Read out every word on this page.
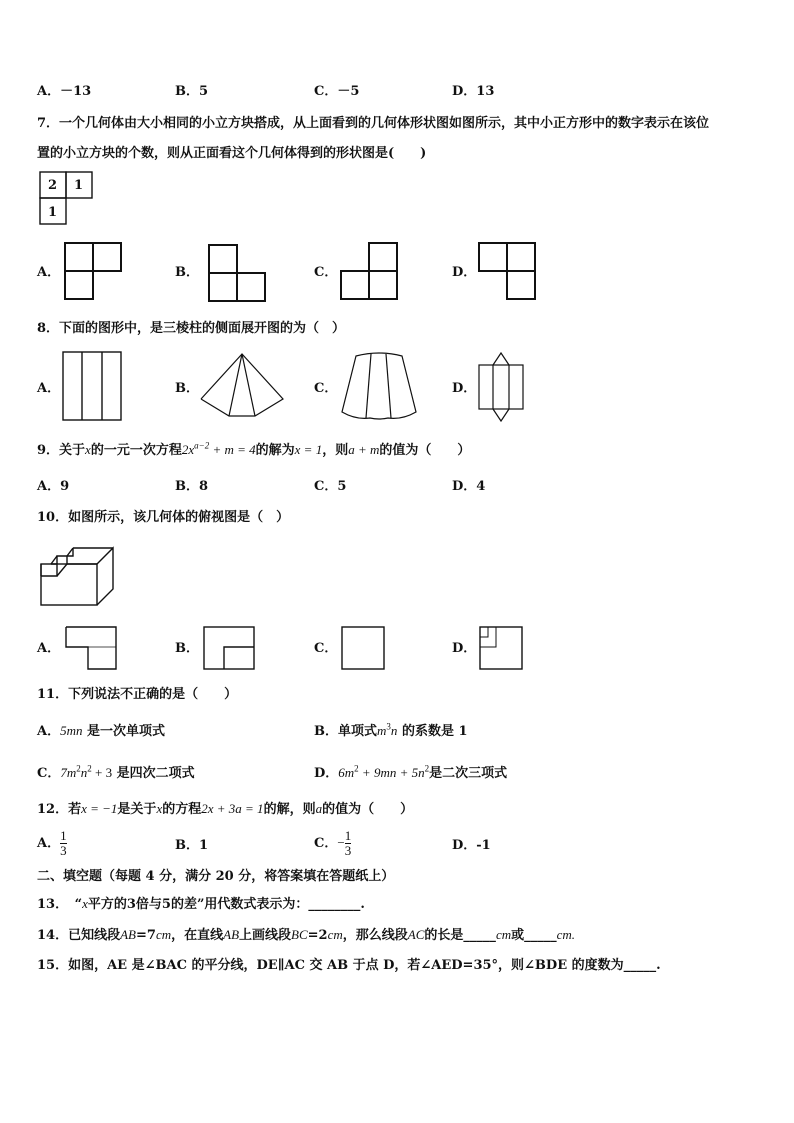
A．－13	B．5	C．－5	D．13
7．一个几何体由大小相同的小立方块搭成，从上面看到的几何体形状图如图所示，其中小正方形中的数字表示在该位
置的小立方块的个数，则从正面看这个几何体得到的形状图是(　　)
2 1
1
A．	B．	C．	D．
8．下面的图形中，是三棱柱的侧面展开图的为（　）
A．	B．	C．	D．
9．关于x的一元一次方程$2x^{a-2} + m = 4$的解为x = 1，则a + m的值为（　　）
A．9	B．8	C．5	D．4
10．如图所示，该几何体的俯视图是（　）
A．	B．	C．	D．
11．下列说法不正确的是（　　）
A．5mn 是一次单项式	B．单项式$m^3n$ 的系数是 1
C．$7m^2n^2 + 3$ 是四次二项式	D．$6m^2 + 9mn + 5n^2$是二次三项式
12．若x = −1是关于x的方程2x + 3a = 1的解，则a的值为（　　）
A． $\frac{1}{3}$	B．1	C．− $\frac{1}{3}$	D．-1
二、填空题（每题 4 分，满分 20 分，将答案填在答题纸上）
13．　“x平方的3倍与5的差”用代数式表示为：________.
14．已知线段AB=7cm，在直线AB上画线段BC=2cm，那么线段AC的长是_____cm或_____cm.
15．如图，AE 是∠BAC 的平分线，DE∥AC 交 AB 于点 D，若∠AED=35°，则∠BDE 的度数为_____.
